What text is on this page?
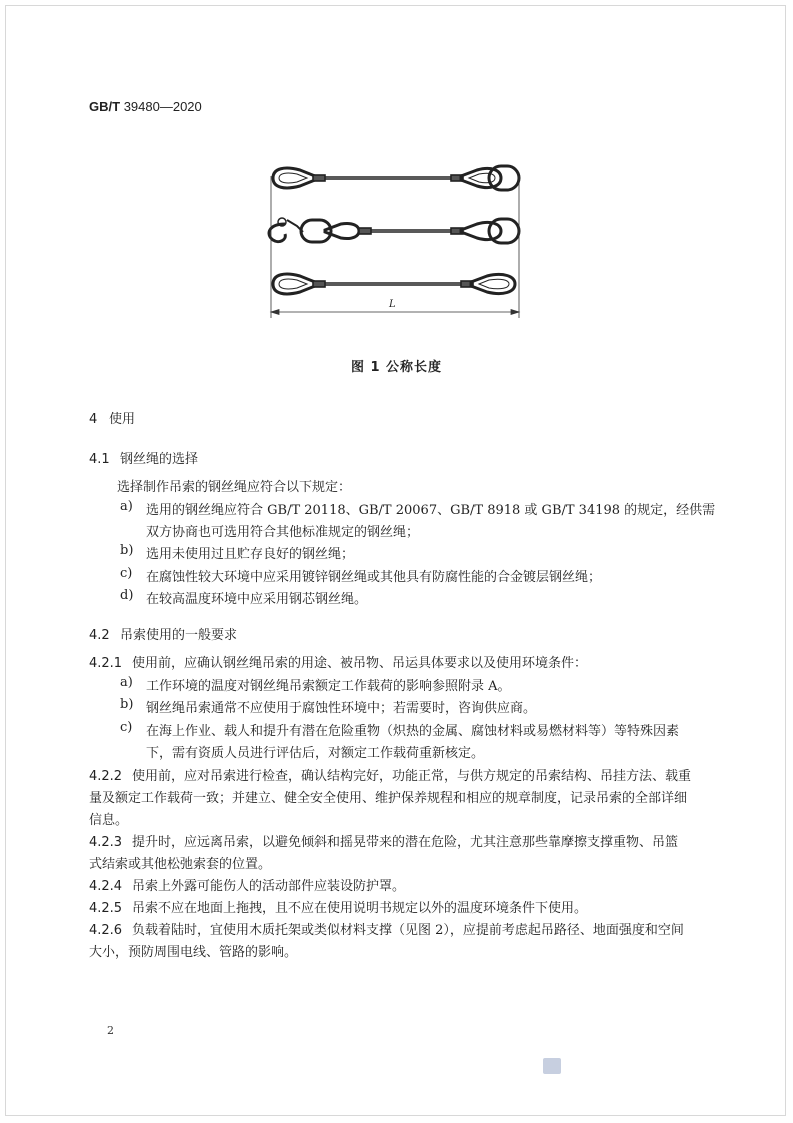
GB/T 39480—2020
L
图 1 公称长度
4 使用
4.1 钢丝绳的选择
选择制作吊索的钢丝绳应符合以下规定：
a) 选用的钢丝绳应符合 GB/T 20118、GB/T 20067、GB/T 8918 或 GB/T 34198 的规定，经供需
双方协商也可选用符合其他标准规定的钢丝绳；
b) 选用未使用过且贮存良好的钢丝绳；
c) 在腐蚀性较大环境中应采用镀锌钢丝绳或其他具有防腐性能的合金镀层钢丝绳；
d) 在较高温度环境中应采用钢芯钢丝绳。
4.2 吊索使用的一般要求
4.2.1 使用前，应确认钢丝绳吊索的用途、被吊物、吊运具体要求以及使用环境条件：
a) 工作环境的温度对钢丝绳吊索额定工作载荷的影响参照附录 A。
b) 钢丝绳吊索通常不应使用于腐蚀性环境中；若需要时，咨询供应商。
c) 在海上作业、载人和提升有潜在危险重物（炽热的金属、腐蚀材料或易燃材料等）等特殊因素
下，需有资质人员进行评估后，对额定工作载荷重新核定。
4.2.2 使用前，应对吊索进行检查，确认结构完好，功能正常，与供方规定的吊索结构、吊挂方法、载重
量及额定工作载荷一致；并建立、健全安全使用、维护保养规程和相应的规章制度，记录吊索的全部详细
信息。
4.2.3 提升时，应远离吊索，以避免倾斜和摇晃带来的潜在危险，尤其注意那些靠摩擦支撑重物、吊篮
式结索或其他松弛索套的位置。
4.2.4 吊索上外露可能伤人的活动部件应装设防护罩。
4.2.5 吊索不应在地面上拖拽，且不应在使用说明书规定以外的温度环境条件下使用。
4.2.6 负载着陆时，宜使用木质托架或类似材料支撑（见图 2），应提前考虑起吊路径、地面强度和空间
大小，预防周围电线、管路的影响。
2
